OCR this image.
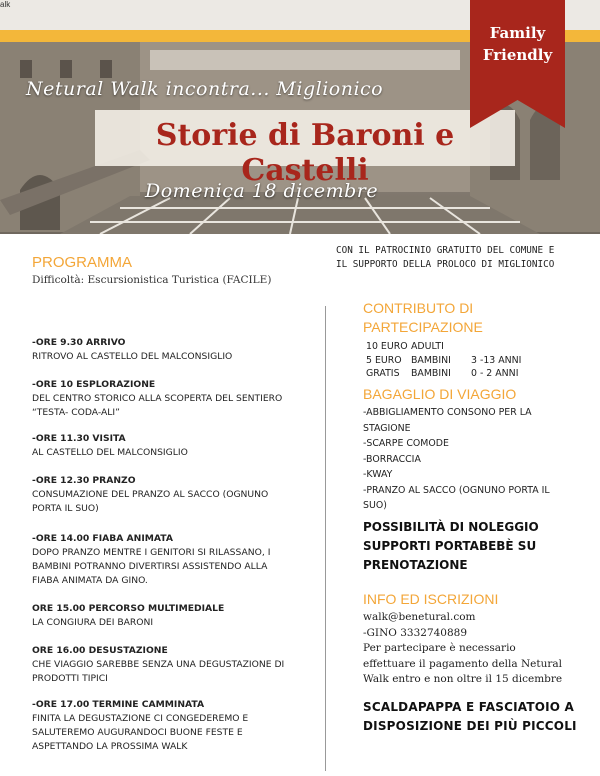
Family
Friendly
Netural Walk incontra... Miglionico
Storie di Baroni e Castelli
Domenica 18 dicembre
alk
PROGRAMMA
Difficoltà: Escursionistica Turistica (FACILE)
CON IL PATROCINIO GRATUITO DEL COMUNE E
IL SUPPORTO DELLA PROLOCO DI MIGLIONICO
CONTRIBUTO DI
PARTECIPAZIONE
10 EURO ADULTI
5 EURO BAMBINI	3 -13 ANNI
GRATIS	BAMBINI	0 - 2 ANNI
BAGAGLIO DI VIAGGIO
-ABBIGLIAMENTO CONSONO PER LA
STAGIONE
-SCARPE COMODE
-BORRACCIA
-KWAY
-PRANZO AL SACCO (OGNUNO PORTA IL
SUO)
POSSIBILITÀ DI NOLEGGIO
SUPPORTI PORTABEBÈ SU
PRENOTAZIONE
INFO ED ISCRIZIONI
walk@benetural.com
-GINO 3332740889
Per partecipare è necessario
effettuare il pagamento della Netural
Walk entro e non oltre il 15 dicembre
SCALDAPAPPA E FASCIATOIO A
DISPOSIZIONE DEI PIÙ PICCOLI
-ORE 9.30 ARRIVO
RITROVO AL CASTELLO DEL MALCONSIGLIO
-ORE 10 ESPLORAZIONE
DEL CENTRO STORICO ALLA SCOPERTA DEL SENTIERO
“TESTA- CODA-ALI”
-ORE 11.30 VISITA
AL CASTELLO DEL MALCONSIGLIO
-ORE 12.30 PRANZO
CONSUMAZIONE DEL PRANZO AL SACCO (OGNUNO
PORTA IL SUO)
-ORE 14.00 FIABA ANIMATA
DOPO PRANZO MENTRE I GENITORI SI RILASSANO, I
BAMBINI POTRANNO DIVERTIRSI ASSISTENDO ALLA
FIABA ANIMATA DA GINO.
ORE 15.00 PERCORSO MULTIMEDIALE
LA CONGIURA DEI BARONI
ORE 16.00 DESUSTAZIONE
CHE VIAGGIO SAREBBE SENZA UNA DEGUSTAZIONE DI
PRODOTTI TIPICI
-ORE 17.00 TERMINE CAMMINATA
FINITA LA DEGUSTAZIONE CI CONGEDEREMO E
SALUTEREMO AUGURANDOCI BUONE FESTE E
ASPETTANDO LA PROSSIMA WALK
